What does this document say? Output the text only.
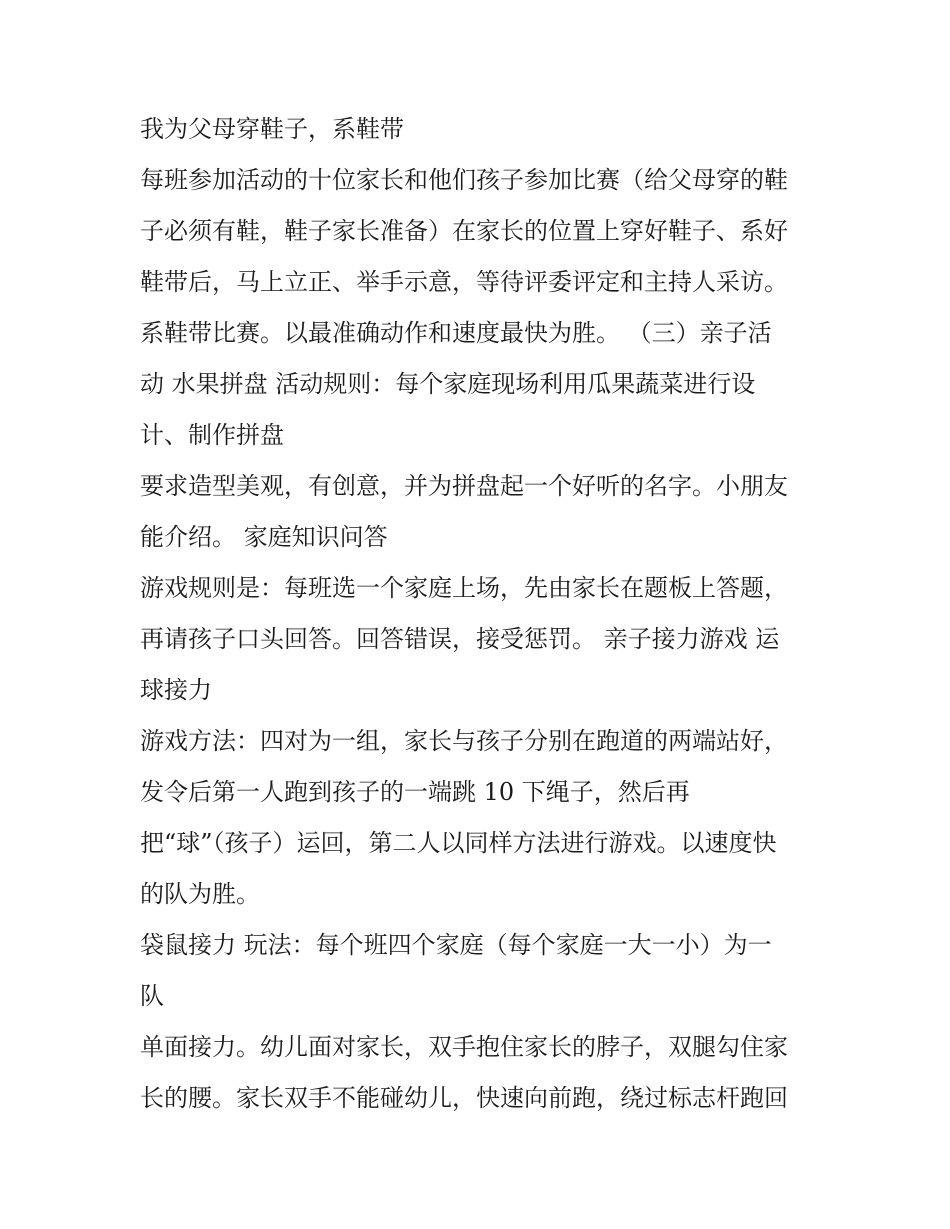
我为父母穿鞋子，系鞋带
每班参加活动的十位家长和他们孩子参加比赛（给父母穿的鞋
子必须有鞋，鞋子家长准备）在家长的位置上穿好鞋子、系好
鞋带后，马上立正、举手示意，等待评委评定和主持人采访。
系鞋带比赛。以最准确动作和速度最快为胜。 （三）亲子活
动 水果拼盘 活动规则：每个家庭现场利用瓜果蔬菜进行设
计、制作拼盘
要求造型美观，有创意，并为拼盘起一个好听的名字。小朋友
能介绍。 家庭知识问答
游戏规则是：每班选一个家庭上场，先由家长在题板上答题，
再请孩子口头回答。回答错误，接受惩罚。 亲子接力游戏 运
球接力
游戏方法：四对为一组，家长与孩子分别在跑道的两端站好，
发令后第一人跑到孩子的一端跳 10 下绳子，然后再
把“球”（孩子）运回，第二人以同样方法进行游戏。以速度快
的队为胜。
袋鼠接力 玩法：每个班四个家庭（每个家庭一大一小）为一
队
单面接力。幼儿面对家长，双手抱住家长的脖子，双腿勾住家
长的腰。家长双手不能碰幼儿，快速向前跑，绕过标志杆跑回
